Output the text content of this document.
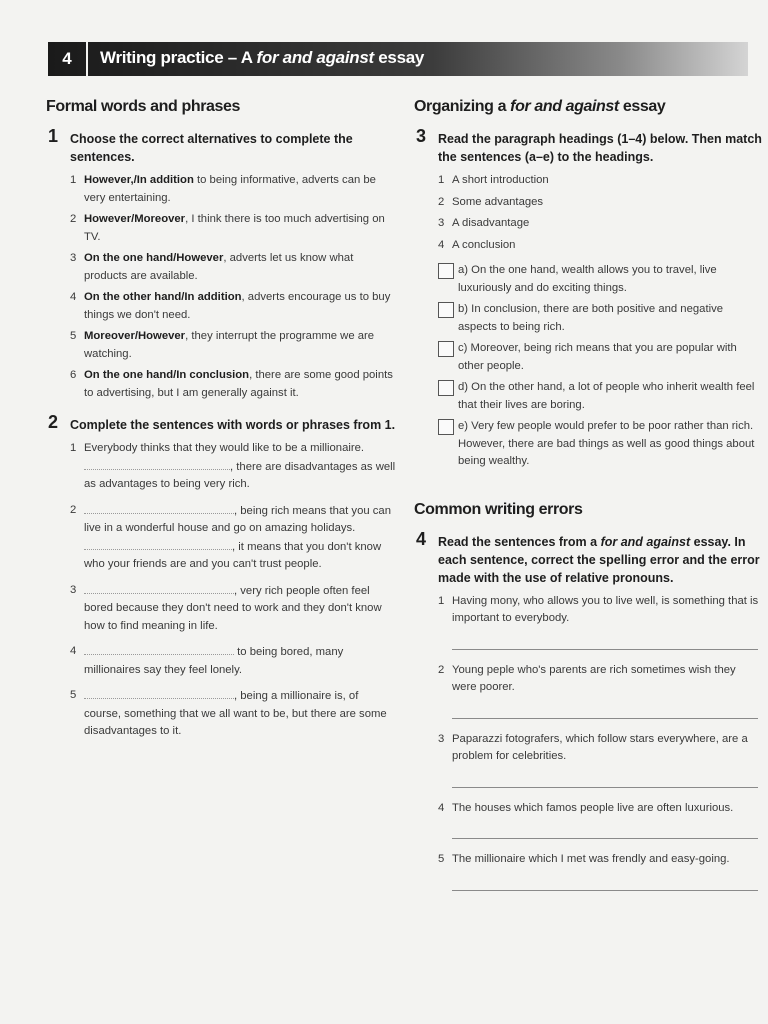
4	Writing practice – A for and against essay
Formal words and phrases
1 Choose the correct alternatives to complete the sentences.
1 However,/In addition to being informative, adverts can be very entertaining.
2 However/Moreover, I think there is too much advertising on TV.
3 On the one hand/However, adverts let us know what products are available.
4 On the other hand/In addition, adverts encourage us to buy things we don't need.
5 Moreover/However, they interrupt the programme we are watching.
6 On the one hand/In conclusion, there are some good points to advertising, but I am generally against it.
2 Complete the sentences with words or phrases from 1.
1 Everybody thinks that they would like to be a millionaire. , there are disadvantages as well as advantages to being very rich.
2	, being rich means that you can live in a wonderful house and go on amazing holidays. , it means that you don't know who your friends are and you can't trust people.
3	, very rich people often feel bored because they don't need to work and they don't know how to find meaning in life.
4	to being bored, many millionaires say they feel lonely.
5	, being a millionaire is, of course, something that we all want to be, but there are some disadvantages to it.
Organizing a for and against essay
3 Read the paragraph headings (1–4) below. Then match the sentences (a–e) to the headings.
1 A short introduction
2 Some advantages
3 A disadvantage
4 A conclusion
a) On the one hand, wealth allows you to travel, live luxuriously and do exciting things.
b) In conclusion, there are both positive and negative aspects to being rich.
c) Moreover, being rich means that you are popular with other people.
d) On the other hand, a lot of people who inherit wealth feel that their lives are boring.
e) Very few people would prefer to be poor rather than rich. However, there are bad things as well as good things about being wealthy.
Common writing errors
4 Read the sentences from a for and against essay. In each sentence, correct the spelling error and the error made with the use of relative pronouns.
1 Having mony, who allows you to live well, is something that is important to everybody.
2 Young peple who's parents are rich sometimes wish they were poorer.
3 Paparazzi fotografers, which follow stars everywhere, are a problem for celebrities.
4 The houses which famos people live are often luxurious.
5 The millionaire which I met was frendly and easy-going.
